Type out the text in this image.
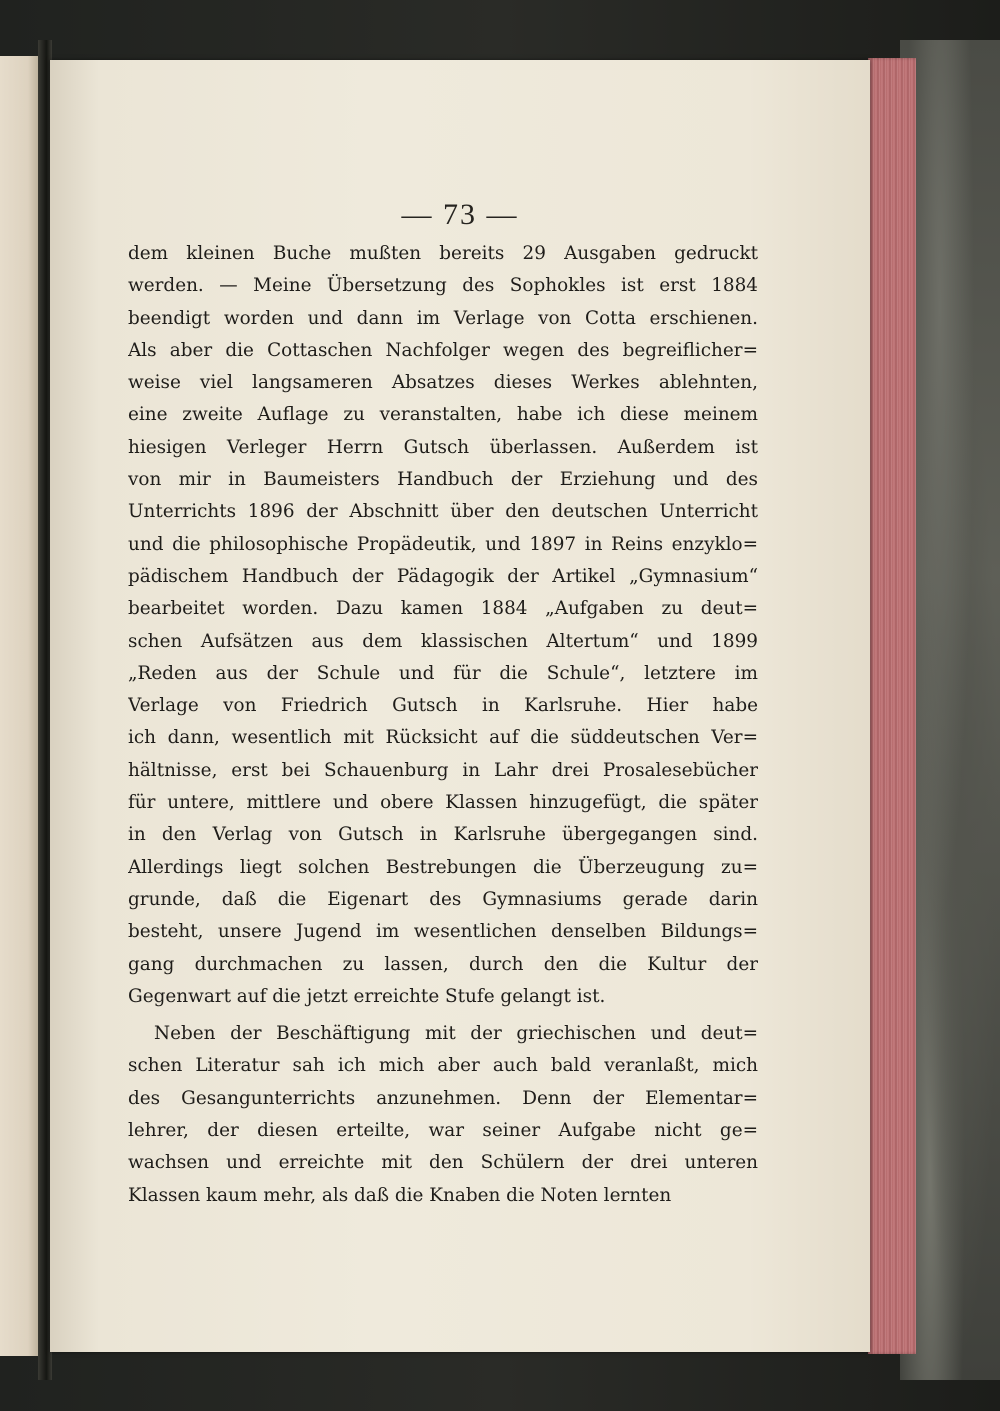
— 73 —
dem kleinen Buche mußten bereits 29 Ausgaben gedruckt
werden. — Meine Übersetzung des Sophokles ist erst 1884
beendigt worden und dann im Verlage von Cotta erschienen.
Als aber die Cottaschen Nachfolger wegen des begreiflicher=
weise viel langsameren Absatzes dieses Werkes ablehnten,
eine zweite Auflage zu veranstalten, habe ich diese meinem
hiesigen Verleger Herrn Gutsch überlassen. Außerdem ist
von mir in Baumeisters Handbuch der Erziehung und des
Unterrichts 1896 der Abschnitt über den deutschen Unterricht
und die philosophische Propädeutik, und 1897 in Reins enzyklo=
pädischem Handbuch der Pädagogik der Artikel „Gymnasium“
bearbeitet worden. Dazu kamen 1884 „Aufgaben zu deut=
schen Aufsätzen aus dem klassischen Altertum“ und 1899
„Reden aus der Schule und für die Schule“, letztere im
Verlage von Friedrich Gutsch in Karlsruhe. Hier habe
ich dann, wesentlich mit Rücksicht auf die süddeutschen Ver=
hältnisse, erst bei Schauenburg in Lahr drei Prosalesebücher
für untere, mittlere und obere Klassen hinzugefügt, die später
in den Verlag von Gutsch in Karlsruhe übergegangen sind.
Allerdings liegt solchen Bestrebungen die Überzeugung zu=
grunde, daß die Eigenart des Gymnasiums gerade darin
besteht, unsere Jugend im wesentlichen denselben Bildungs=
gang durchmachen zu lassen, durch den die Kultur der
Gegenwart auf die jetzt erreichte Stufe gelangt ist.
Neben der Beschäftigung mit der griechischen und deut=
schen Literatur sah ich mich aber auch bald veranlaßt, mich
des Gesangunterrichts anzunehmen. Denn der Elementar=
lehrer, der diesen erteilte, war seiner Aufgabe nicht ge=
wachsen und erreichte mit den Schülern der drei unteren
Klassen kaum mehr, als daß die Knaben die Noten lernten
